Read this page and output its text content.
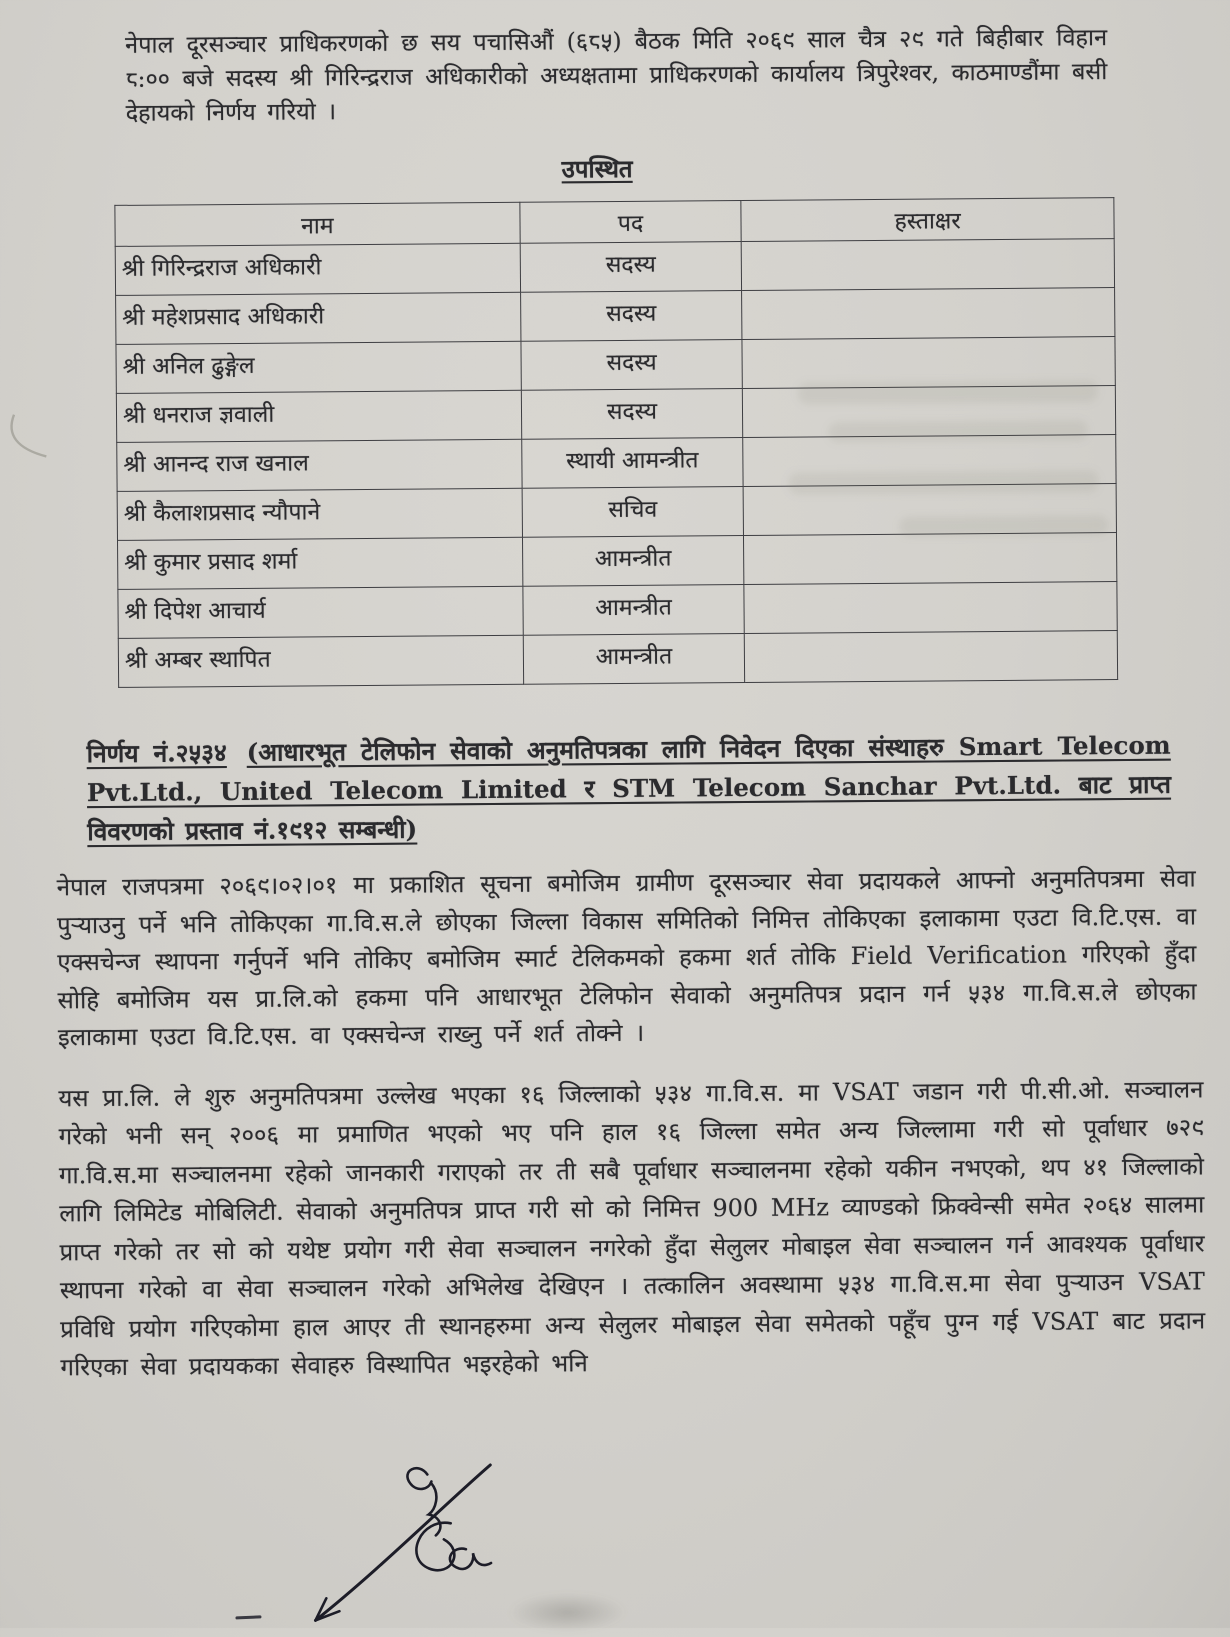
नेपाल दूरसञ्चार प्राधिकरणको छ सय पचासिऔं (६८५) बैठक मिति २०६९ साल चैत्र २९ गते बिहीबार विहान ८:०० बजे सदस्य श्री गिरिन्द्रराज अधिकारीको अध्यक्षतामा प्राधिकरणको कार्यालय त्रिपुरेश्वर, काठमाण्डौंमा बसी देहायको निर्णय गरियो ।

उपस्थित
नाम	पद	हस्ताक्षर
श्री गिरिन्द्रराज अधिकारी	सदस्य	
श्री महेशप्रसाद अधिकारी	सदस्य	
श्री अनिल ढुङ्गेल	सदस्य	
श्री धनराज ज्ञवाली	सदस्य	
श्री आनन्द राज खनाल	स्थायी आमन्त्रीत	
श्री कैलाशप्रसाद न्यौपाने	सचिव	
श्री कुमार प्रसाद शर्मा	आमन्त्रीत	
श्री दिपेश आचार्य	आमन्त्रीत	
श्री अम्बर स्थापित	आमन्त्रीत	

निर्णय नं.२५३४ (आधारभूत टेलिफोन सेवाको अनुमतिपत्रका लागि निवेदन दिएका संस्थाहरु Smart Telecom Pvt.Ltd., United Telecom Limited र STM Telecom Sanchar Pvt.Ltd. बाट प्राप्त विवरणको प्रस्ताव नं.१९१२ सम्बन्धी)

नेपाल राजपत्रमा २०६९।०२।०१ मा प्रकाशित सूचना बमोजिम ग्रामीण दूरसञ्चार सेवा प्रदायकले आफ्नो अनुमतिपत्रमा सेवा पुऱ्याउनु पर्ने भनि तोकिएका गा.वि.स.ले छोएका जिल्ला विकास समितिको निमित्त तोकिएका इलाकामा एउटा वि.टि.एस. वा एक्सचेन्ज स्थापना गर्नुपर्ने भनि तोकिए बमोजिम स्मार्ट टेलिकमको हकमा शर्त तोकि Field Verification गरिएको हुँदा सोहि बमोजिम यस प्रा.लि.को हकमा पनि आधारभूत टेलिफोन सेवाको अनुमतिपत्र प्रदान गर्न ५३४ गा.वि.स.ले छोएका इलाकामा एउटा वि.टि.एस. वा एक्सचेन्ज राख्नु पर्ने शर्त तोक्ने ।

यस प्रा.लि. ले शुरु अनुमतिपत्रमा उल्लेख भएका १६ जिल्लाको ५३४ गा.वि.स. मा VSAT जडान गरी पी.सी.ओ. सञ्चालन गरेको भनी सन् २००६ मा प्रमाणित भएको भए पनि हाल १६ जिल्ला समेत अन्य जिल्लामा गरी सो पूर्वाधार ७२९ गा.वि.स.मा सञ्चालनमा रहेको जानकारी गराएको तर ती सबै पूर्वाधार सञ्चालनमा रहेको यकीन नभएको, थप ४१ जिल्लाको लागि लिमिटेड मोबिलिटी. सेवाको अनुमतिपत्र प्राप्त गरी सो को निमित्त 900 MHz व्याण्डको फ्रिक्वेन्सी समेत २०६४ सालमा प्राप्त गरेको तर सो को यथेष्ट प्रयोग गरी सेवा सञ्चालन नगरेको हुँदा सेलुलर मोबाइल सेवा सञ्चालन गर्न आवश्यक पूर्वाधार स्थापना गरेको वा सेवा सञ्चालन गरेको अभिलेख देखिएन । तत्कालिन अवस्थामा ५३४ गा.वि.स.मा सेवा पुऱ्याउन VSAT प्रविधि प्रयोग गरिएकोमा हाल आएर ती स्थानहरुमा अन्य सेलुलर मोबाइल सेवा समेतको पहूँच पुग्न गई VSAT बाट प्रदान गरिएका सेवा प्रदायकका सेवाहरु विस्थापित भइरहेको भनि
